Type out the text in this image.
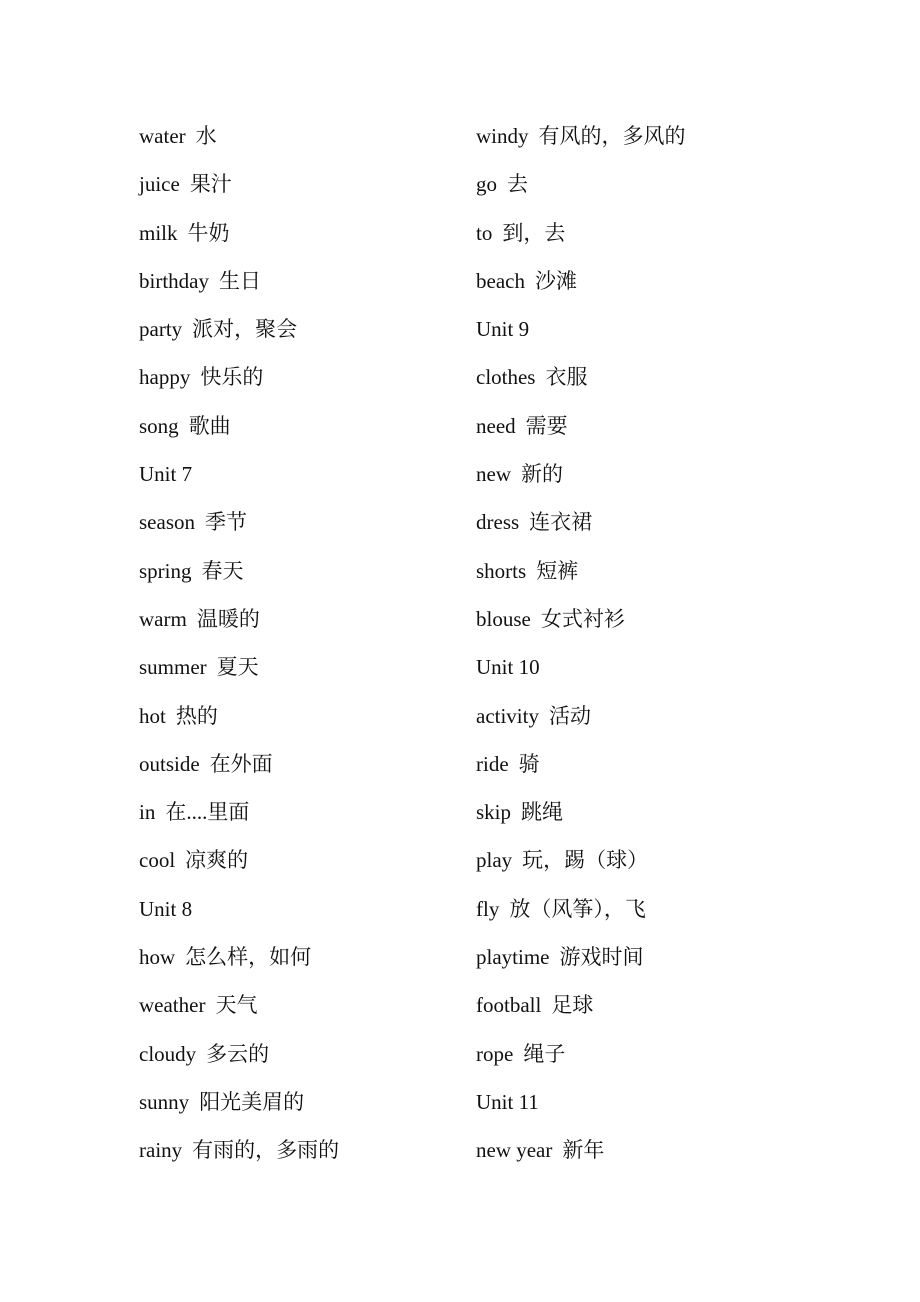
water 水
juice 果汁
milk 牛奶
birthday 生日
party 派对，聚会
happy 快乐的
song 歌曲
Unit 7
season 季节
spring 春天
warm 温暖的
summer 夏天
hot 热的
outside 在外面
in 在....里面
cool 凉爽的
Unit 8
how 怎么样，如何
weather 天气
cloudy 多云的
sunny 阳光美眉的
rainy 有雨的，多雨的
windy 有风的，多风的
go 去
to 到，去
beach 沙滩
Unit 9
clothes 衣服
need 需要
new 新的
dress 连衣裙
shorts 短裤
blouse 女式衬衫
Unit 10
activity 活动
ride 骑
skip 跳绳
play 玩，踢（球）
fly 放（风筝），飞
playtime 游戏时间
football 足球
rope 绳子
Unit 11
new year 新年
